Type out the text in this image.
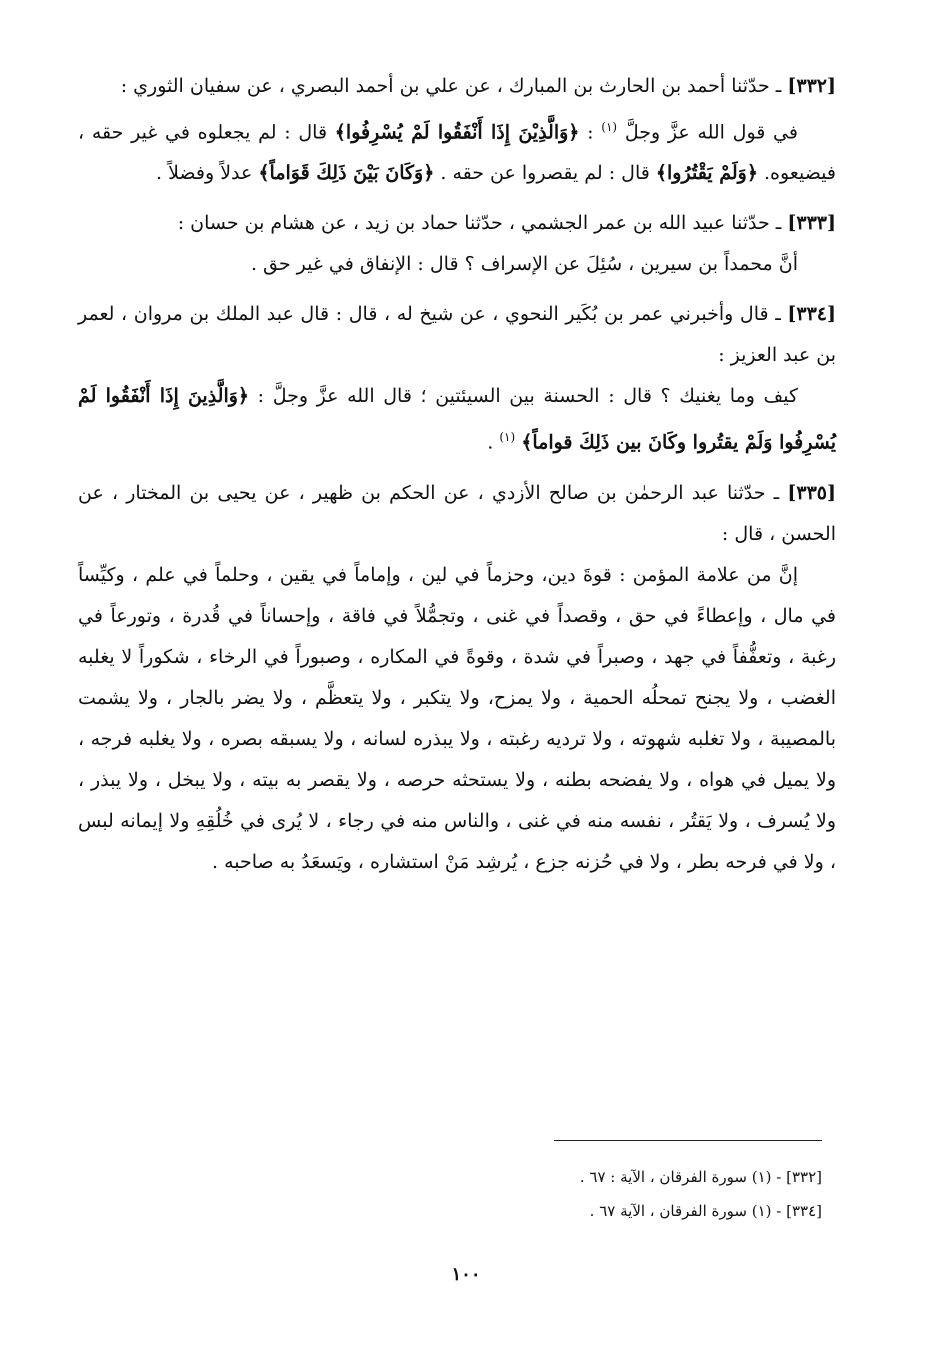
[٣٣٢] ـ حدّثنا أحمد بن الحارث بن المبارك ، عن علي بن أحمد البصري ، عن سفيان الثوري :

في قول الله عزَّ وجلَّ $^{(١)}$ : ﴿وَالَّذِيْنَ إِذَا أَنْفَقُوا لَمْ يُسْرِفُوا﴾ قال : لم يجعلوه في غير حقه ، فيضيعوه. ﴿وَلَمْ يَقْتُرُوا﴾ قال : لم يقصروا عن حقه . ﴿وَكَانَ بَيْنَ ذَلِكَ قَوَاماً﴾ عدلاً وفضلاً .

[٣٣٣] ـ حدّثنا عبيد الله بن عمر الجشمي ، حدّثنا حماد بن زيد ، عن هشام بن حسان :

أنَّ محمداً بن سيرين ، سُئِلَ عن الإسراف ؟ قال : الإنفاق في غير حق .

[٣٣٤] ـ قال وأخبرني عمر بن بُكَير النحوي ، عن شيخ له ، قال : قال عبد الملك بن مروان ، لعمر بن عبد العزيز :

كيف وما يغنيك ؟ قال : الحسنة بين السيئتين ؛ قال الله عزَّ وجلَّ : ﴿وَالَّذِينَ إِذَا أَنْفَقُوا لَمْ يُسْرِفُوا وَلَمْ يقتُروا وكَانَ بين ذَلِكَ قواماً﴾ $^{(١)}$ .

[٣٣٥] ـ حدّثنا عبد الرحمٰن بن صالح الأزدي ، عن الحكم بن ظهير ، عن يحيى بن المختار ، عن الحسن ، قال :

إنَّ من علامة المؤمن : قوةَ دين، وحزماً في لين ، وإماماً في يقين ، وحلماً في علم ، وكيِّساً في مال ، وإعطاءً في حق ، وقصداً في غنى ، وتجمُّلاً في فاقة ، وإحساناً في قُدرة ، وتورعاً في رغبة ، وتعفُّفاً في جهد ، وصبراً في شدة ، وقوةً في المكاره ، وصبوراً في الرخاء ، شكوراً لا يغلبه الغضب ، ولا يجنح تمحلُه الحمية ، ولا يمزح، ولا يتكبر ، ولا يتعظَّم ، ولا يضر بالجار ، ولا يشمت بالمصيبة ، ولا تغلبه شهوته ، ولا ترديه رغبته ، ولا يبذره لسانه ، ولا يسبقه بصره ، ولا يغلبه فرجه ، ولا يميل في هواه ، ولا يفضحه بطنه ، ولا يستحثه حرصه ، ولا يقصر به بيته ، ولا يبخل ، ولا يبذر ، ولا يُسرف ، ولا يَقتُر ، نفسه منه في غنى ، والناس منه في رجاء ، لا يُرى في خُلُقِهِ ولا إيمانه لبس ، ولا في فرحه بطر ، ولا في حُزنه جزع ، يُرشِد مَنْ استشاره ، ويَسعَدُ به صاحبه .

[٣٣٢] - (١) سورة الفرقان ، الآية : ٦٧ .

[٣٣٤] - (١) سورة الفرقان ، الآية ٦٧ .

١٠٠
